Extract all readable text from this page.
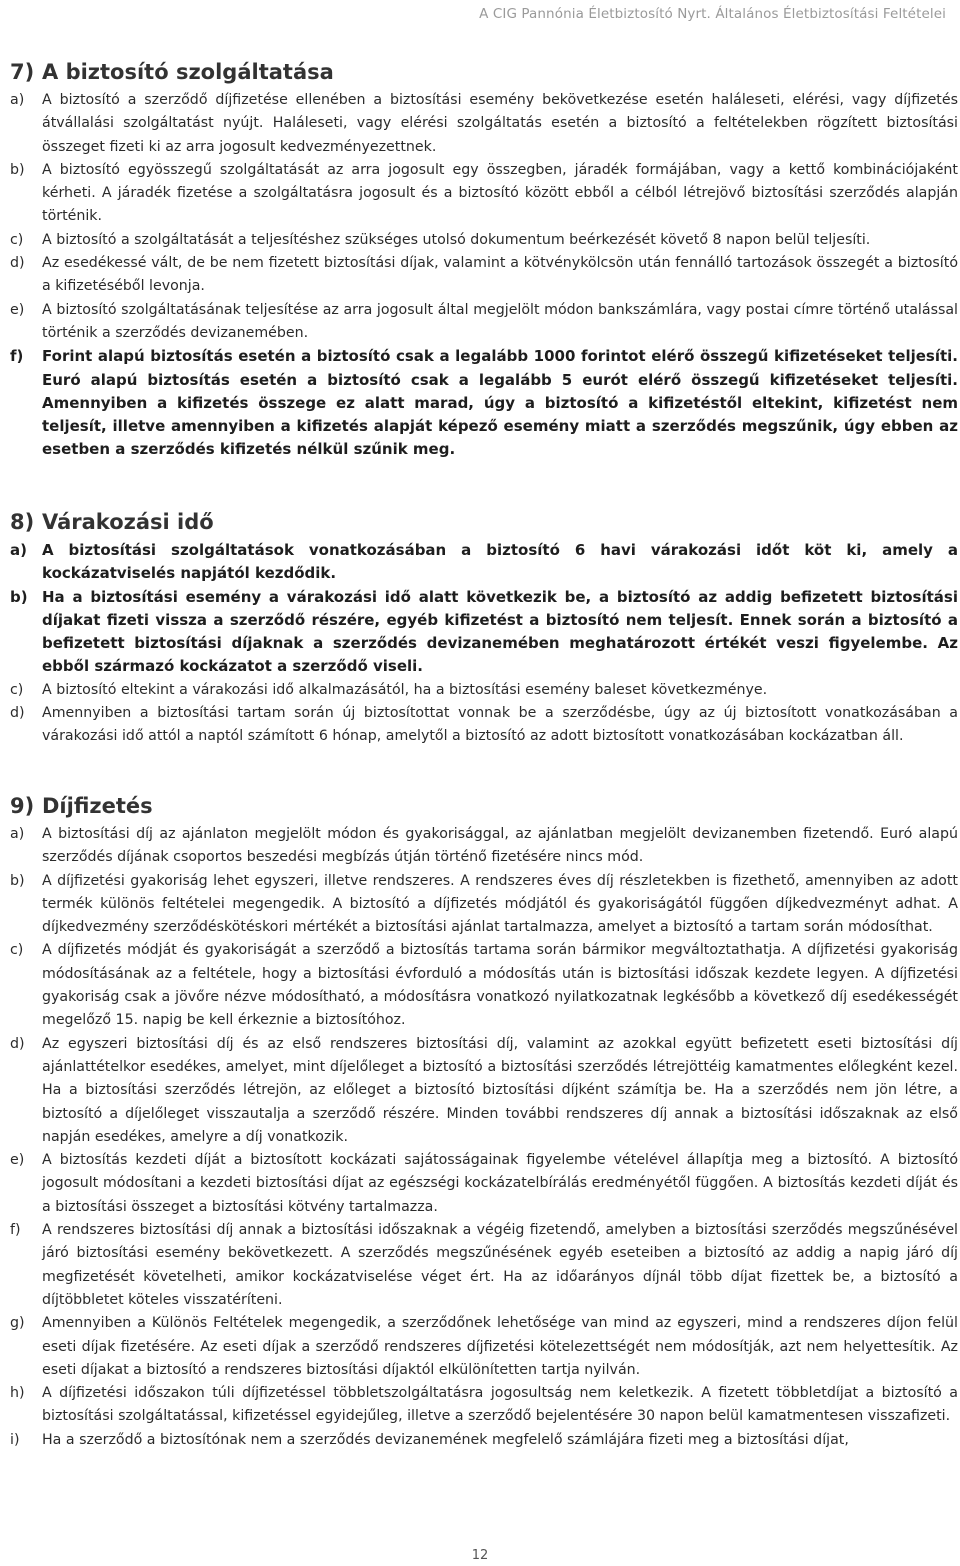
A CIG Pannónia Életbiztosító Nyrt. Általános Életbiztosítási Feltételei
7) A biztosító szolgáltatása
a)	A biztosító a szerződő díjfizetése ellenében a biztosítási esemény bekövetkezése esetén haláleseti, elérési, vagy díjfizetés átvállalási szolgáltatást nyújt. Haláleseti, vagy elérési szolgáltatás esetén a biztosító a feltételekben rögzített biztosítási összeget fizeti ki az arra jogosult kedvezményezettnek.
b)	A biztosító egyösszegű szolgáltatását az arra jogosult egy összegben, járadék formájában, vagy a kettő kombinációjaként kérheti. A járadék fizetése a szolgáltatásra jogosult és a biztosító között ebből a célból létrejövő biztosítási szerződés alapján történik.
c)	A biztosító a szolgáltatását a teljesítéshez szükséges utolsó dokumentum beérkezését követő 8 napon belül teljesíti.
d)	Az esedékessé vált, de be nem fizetett biztosítási díjak, valamint a kötvénykölcsön után fennálló tartozások összegét a biztosító a kifizetéséből levonja.
e)	A biztosító szolgáltatásának teljesítése az arra jogosult által megjelölt módon bankszámlára, vagy postai címre történő utalással történik a szerződés devizanemében.
f)	Forint alapú biztosítás esetén a biztosító csak a legalább 1000 forintot elérő összegű kifizetéseket teljesíti. Euró alapú biztosítás esetén a biztosító csak a legalább 5 eurót elérő összegű kifizetéseket teljesíti. Amennyiben a kifizetés összege ez alatt marad, úgy a biztosító a kifizetéstől eltekint, kifizetést nem teljesít, illetve amennyiben a kifizetés alapját képező esemény miatt a szerződés megszűnik, úgy ebben az esetben a szerződés kifizetés nélkül szűnik meg.
8) Várakozási idő
a)	A biztosítási szolgáltatások vonatkozásában a biztosító 6 havi várakozási időt köt ki, amely a kockázatviselés napjától kezdődik.
b) Ha a biztosítási esemény a várakozási idő alatt következik be, a biztosító az addig befizetett biztosítási díjakat fizeti vissza a szerződő részére, egyéb kifizetést a biztosító nem teljesít. Ennek során a biztosító a befizetett biztosítási díjaknak a szerződés devizanemében meghatározott értékét veszi figyelembe. Az ebből származó kockázatot a szerződő viseli.
c)	A biztosító eltekint a várakozási idő alkalmazásától, ha a biztosítási esemény baleset következménye.
d)	Amennyiben a biztosítási tartam során új biztosítottat vonnak be a szerződésbe, úgy az új biztosított vonatkozásában a várakozási idő attól a naptól számított 6 hónap, amelytől a biztosító az adott biztosított vonatkozásában kockázatban áll.
9) Díjfizetés
a)	A biztosítási díj az ajánlaton megjelölt módon és gyakorisággal, az ajánlatban megjelölt devizanemben fizetendő. Euró alapú szerződés díjának csoportos beszedési megbízás útján történő fizetésére nincs mód.
b)	A díjfizetési gyakoriság lehet egyszeri, illetve rendszeres. A rendszeres éves díj részletekben is fizethető, amennyiben az adott termék különös feltételei megengedik. A biztosító a díjfizetés módjától és gyakoriságától függően díjkedvezményt adhat. A díjkedvezmény szerződéskötéskori mértékét a biztosítási ajánlat tartalmazza, amelyet a biztosító a tartam során módosíthat.
c)	A díjfizetés módját és gyakoriságát a szerződő a biztosítás tartama során bármikor megváltoztathatja. A díjfizetési gyakoriság módosításának az a feltétele, hogy a biztosítási évforduló a módosítás után is biztosítási időszak kezdete legyen. A díjfizetési gyakoriság csak a jövőre nézve módosítható, a módosításra vonatkozó nyilatkozatnak legkésőbb a következő díj esedékességét megelőző 15. napig be kell érkeznie a biztosítóhoz.
d)	Az egyszeri biztosítási díj és az első rendszeres biztosítási díj, valamint az azokkal együtt befizetett eseti biztosítási díj ajánlattételkor esedékes, amelyet, mint díjelőleget a biztosító a biztosítási szerződés létrejöttéig kamatmentes előlegként kezel. Ha a biztosítási szerződés létrejön, az előleget a biztosító biztosítási díjként számítja be. Ha a szerződés nem jön létre, a biztosító a díjelőleget visszautalja a szerződő részére. Minden további rendszeres díj annak a biztosítási időszaknak az első napján esedékes, amelyre a díj vonatkozik.
e)	A biztosítás kezdeti díját a biztosított kockázati sajátosságainak figyelembe vételével állapítja meg a biztosító. A biztosító jogosult módosítani a kezdeti biztosítási díjat az egészségi kockázatelbírálás eredményétől függően. A biztosítás kezdeti díját és a biztosítási összeget a biztosítási kötvény tartalmazza.
f)	A rendszeres biztosítási díj annak a biztosítási időszaknak a végéig fizetendő, amelyben a biztosítási szerződés megszűnésével járó biztosítási esemény bekövetkezett. A szerződés megszűnésének egyéb eseteiben a biztosító az addig a napig járó díj megfizetését követelheti, amikor kockázatviselése véget ért. Ha az időarányos díjnál több díjat fizettek be, a biztosító a díjtöbbletet köteles visszatéríteni.
g)	Amennyiben a Különös Feltételek megengedik, a szerződőnek lehetősége van mind az egyszeri, mind a rendszeres díjon felül eseti díjak fizetésére. Az eseti díjak a szerződő rendszeres díjfizetési kötelezettségét nem módosítják, azt nem helyettesítik. Az eseti díjakat a biztosító a rendszeres biztosítási díjaktól elkülönítetten tartja nyilván.
h)	A díjfizetési időszakon túli díjfizetéssel többletszolgáltatásra jogosultság nem keletkezik. A fizetett többletdíjat a biztosító a biztosítási szolgáltatással, kifizetéssel egyidejűleg, illetve a szerződő bejelentésére 30 napon belül kamatmentesen visszafizeti.
i)	Ha a szerződő a biztosítónak nem a szerződés devizanemének megfelelő számlájára fizeti meg a biztosítási díjat,
12
